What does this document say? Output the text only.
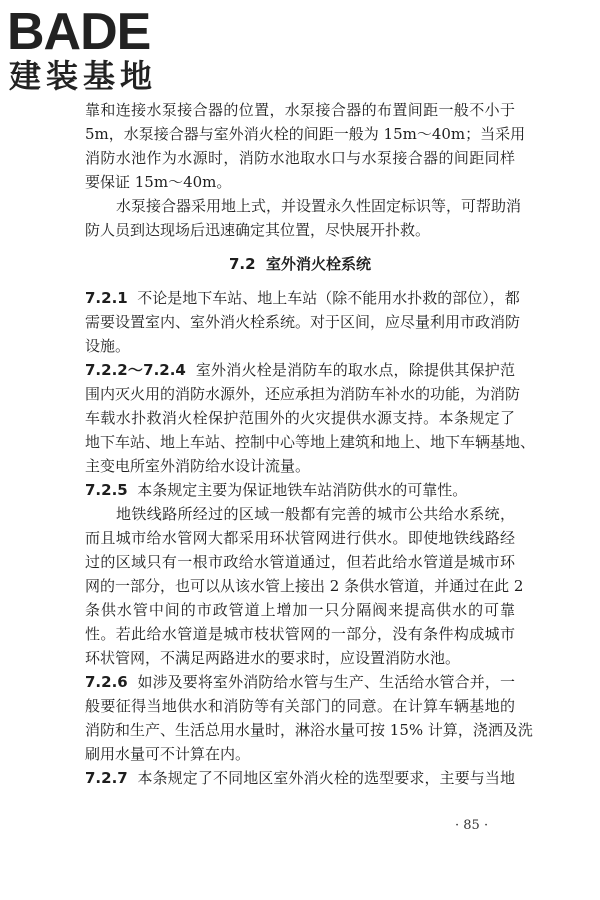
BADE
建装基地

靠和连接水泵接合器的位置，水泵接合器的布置间距一般不小于

5m，水泵接合器与室外消火栓的间距一般为 15m～40m；当采用

消防水池作为水源时，消防水池取水口与水泵接合器的间距同样

要保证 15m～40m。

水泵接合器采用地上式，并设置永久性固定标识等，可帮助消

防人员到达现场后迅速确定其位置，尽快展开扑救。

7.2 室外消火栓系统

7.2.1 不论是地下车站、地上车站（除不能用水扑救的部位），都

需要设置室内、室外消火栓系统。对于区间，应尽量利用市政消防

设施。

7.2.2～7.2.4 室外消火栓是消防车的取水点，除提供其保护范

围内灭火用的消防水源外，还应承担为消防车补水的功能，为消防

车载水扑救消火栓保护范围外的火灾提供水源支持。本条规定了

地下车站、地上车站、控制中心等地上建筑和地上、地下车辆基地、

主变电所室外消防给水设计流量。

7.2.5 本条规定主要为保证地铁车站消防供水的可靠性。

地铁线路所经过的区域一般都有完善的城市公共给水系统，

而且城市给水管网大都采用环状管网进行供水。即使地铁线路经

过的区域只有一根市政给水管道通过，但若此给水管道是城市环

网的一部分，也可以从该水管上接出 2 条供水管道，并通过在此 2

条供水管中间的市政管道上增加一只分隔阀来提高供水的可靠

性。若此给水管道是城市枝状管网的一部分，没有条件构成城市

环状管网，不满足两路进水的要求时，应设置消防水池。

7.2.6 如涉及要将室外消防给水管与生产、生活给水管合并，一

般要征得当地供水和消防等有关部门的同意。在计算车辆基地的

消防和生产、生活总用水量时，淋浴水量可按 15% 计算，浇洒及洗

刷用水量可不计算在内。

7.2.7 本条规定了不同地区室外消火栓的选型要求，主要与当地

· 85 ·
